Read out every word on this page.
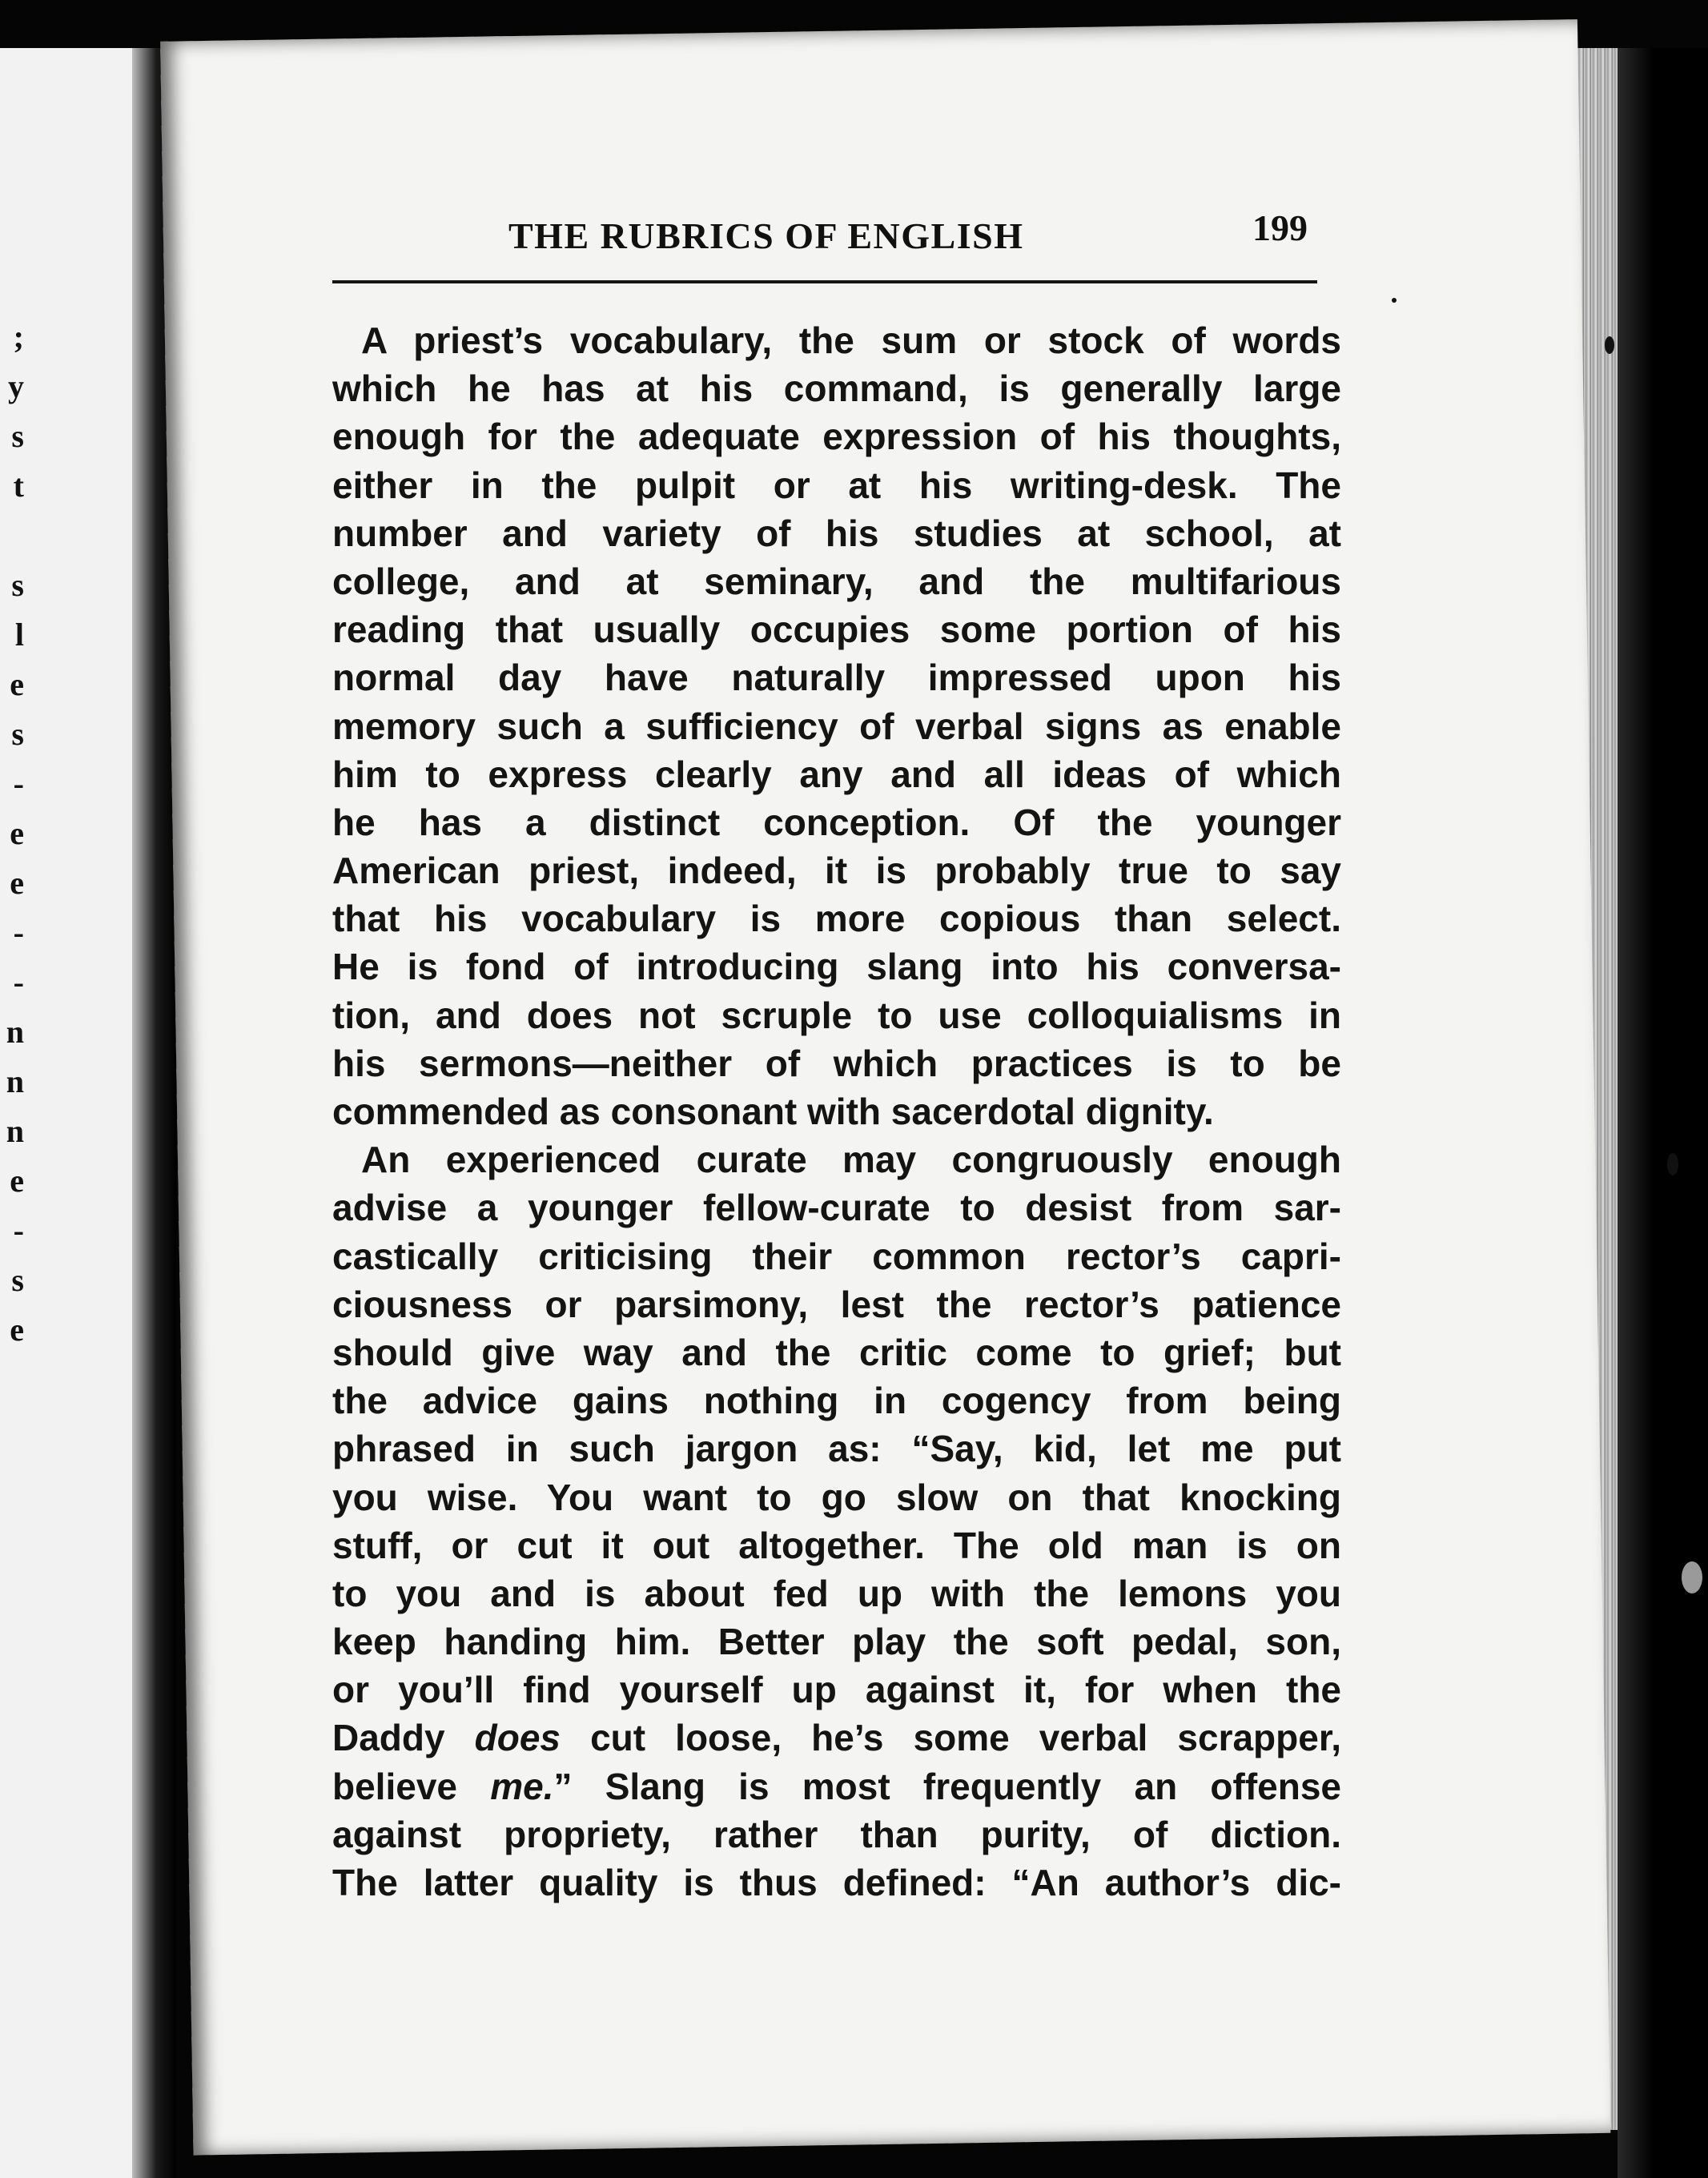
;
y
s
t
s
l
e
s
-
e
e
-
-
n
n
n
e
-
s
e
THE RUBRICS OF ENGLISH	199

A priest’s vocabulary, the sum or stock of words
which he has at his command, is generally large
enough for the adequate expression of his thoughts,
either in the pulpit or at his writing-desk. The
number and variety of his studies at school, at
college, and at seminary, and the multifarious
reading that usually occupies some portion of his
normal day have naturally impressed upon his
memory such a sufficiency of verbal signs as enable
him to express clearly any and all ideas of which
he has a distinct conception. Of the younger
American priest, indeed, it is probably true to say
that his vocabulary is more copious than select.
He is fond of introducing slang into his conversa-
tion, and does not scruple to use colloquialisms in
his sermons—neither of which practices is to be
commended as consonant with sacerdotal dignity.

An experienced curate may congruously enough
advise a younger fellow-curate to desist from sar-
castically criticising their common rector’s capri-
ciousness or parsimony, lest the rector’s patience
should give way and the critic come to grief; but
the advice gains nothing in cogency from being
phrased in such jargon as: “Say, kid, let me put
you wise. You want to go slow on that knocking
stuff, or cut it out altogether. The old man is on
to you and is about fed up with the lemons you
keep handing him. Better play the soft pedal, son,
or you’ll find yourself up against it, for when the
Daddy does cut loose, he’s some verbal scrapper,
believe me.” Slang is most frequently an offense
against propriety, rather than purity, of diction.
The latter quality is thus defined: “An author’s dic-
